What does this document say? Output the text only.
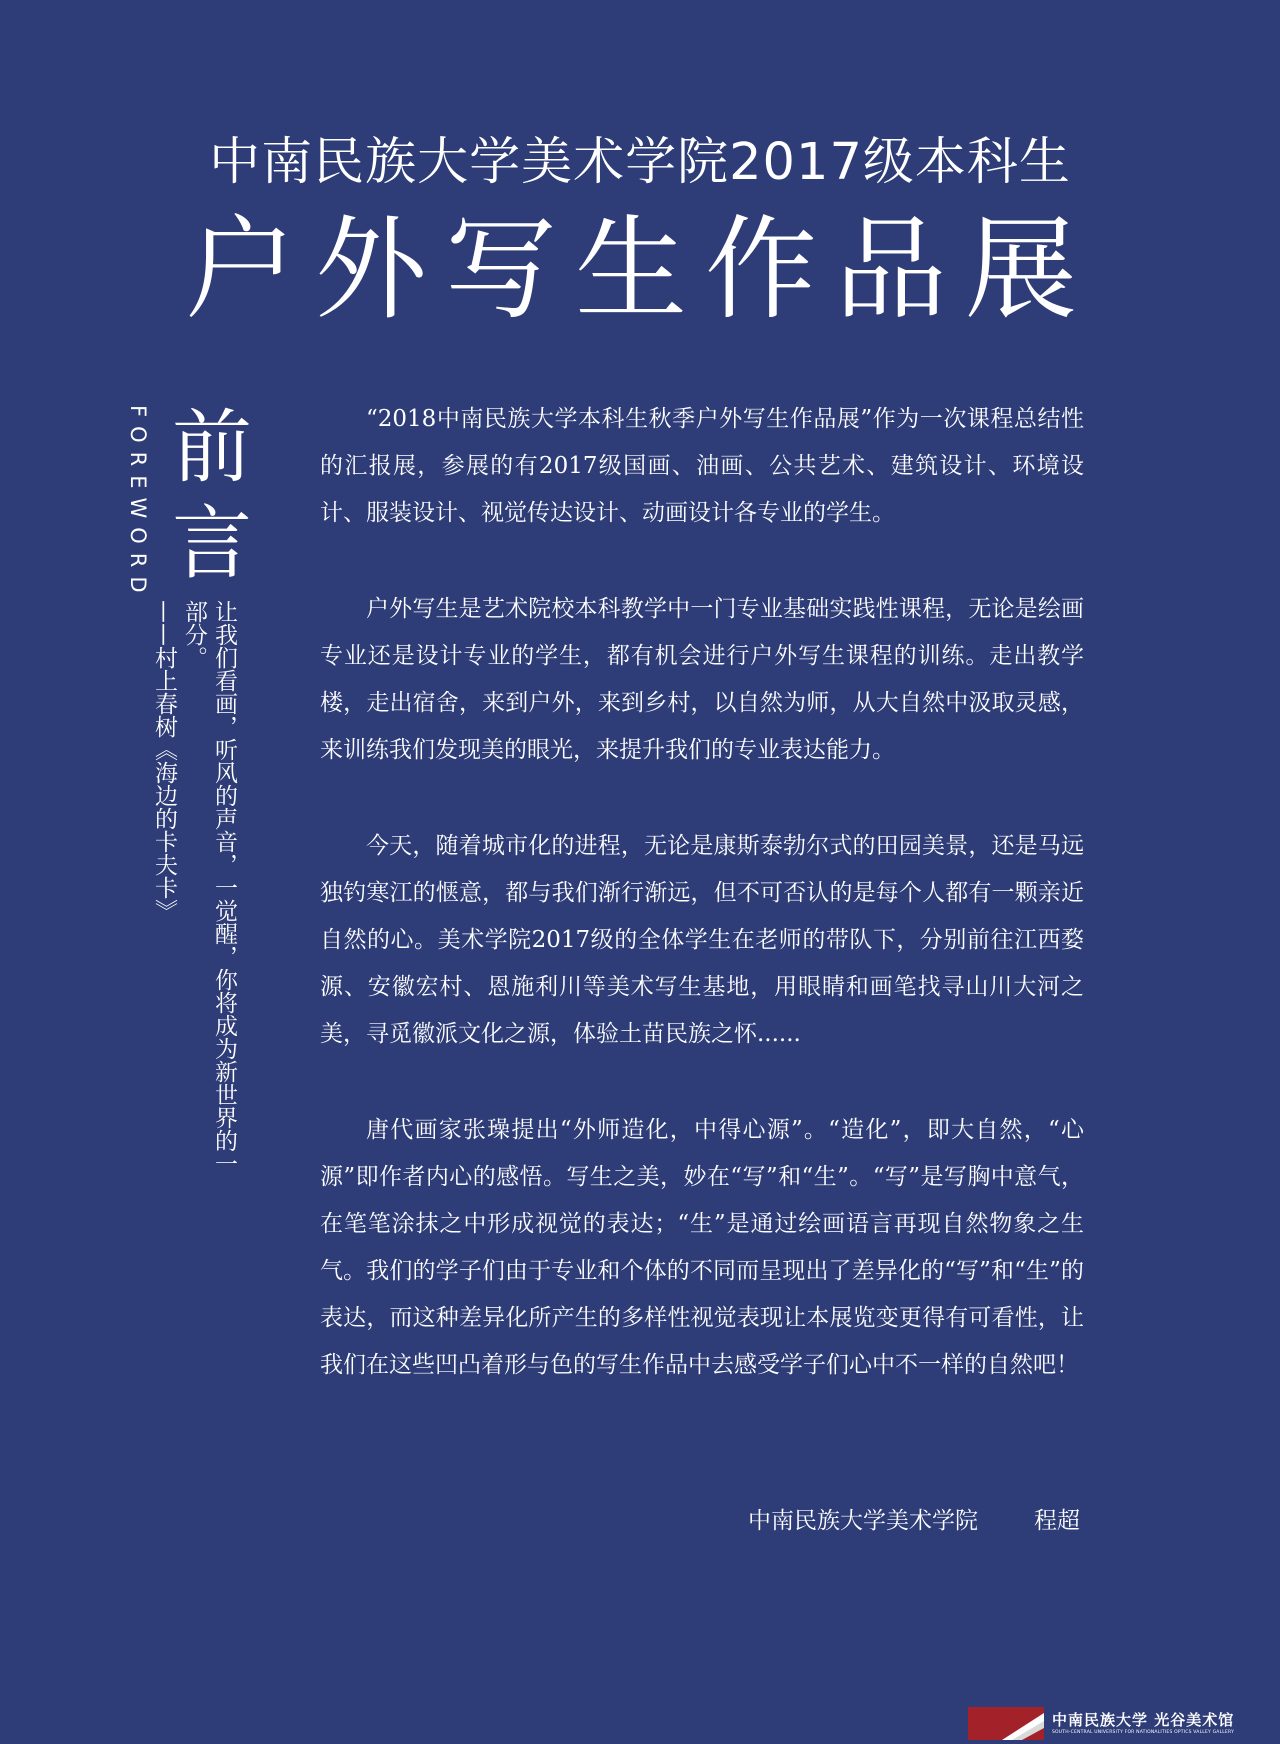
中南民族大学美术学院2017级本科生
户外写生作品展
FOREWORD 前
言
让我们看画，听风的声音，一觉醒，你将成为新世界的一部分。
——村上春树《海边的卡夫卡》

“2018中南民族大学本科生秋季户外写生作品展”作为一次课程总结性的汇报展，参展的有2017级国画、油画、公共艺术、建筑设计、环境设计、服装设计、视觉传达设计、动画设计各专业的学生。

户外写生是艺术院校本科教学中一门专业基础实践性课程，无论是绘画专业还是设计专业的学生，都有机会进行户外写生课程的训练。走出教学楼，走出宿舍，来到户外，来到乡村，以自然为师，从大自然中汲取灵感，来训练我们发现美的眼光，来提升我们的专业表达能力。

今天，随着城市化的进程，无论是康斯泰勃尔式的田园美景，还是马远独钓寒江的惬意，都与我们渐行渐远，但不可否认的是每个人都有一颗亲近自然的心。美术学院2017级的全体学生在老师的带队下，分别前往江西婺源、安徽宏村、恩施利川等美术写生基地，用眼睛和画笔找寻山川大河之美，寻觅徽派文化之源，体验土苗民族之怀......

唐代画家张璪提出“外师造化，中得心源”。“造化”，即大自然，“心源”即作者内心的感悟。写生之美，妙在“写”和“生”。“写”是写胸中意气，在笔笔涂抹之中形成视觉的表达；“生”是通过绘画语言再现自然物象之生气。我们的学子们由于专业和个体的不同而呈现出了差异化的“写”和“生”的表达，而这种差异化所产生的多样性视觉表现让本展览变更得有可看性，让我们在这些凹凸着形与色的写生作品中去感受学子们心中不一样的自然吧！

中南民族大学美术学院 程超
中南民族大学 光谷美术馆
SOUTH-CENTRAL UNIVERSITY FOR NATIONALITIES OPTICS VALLEY GALLERY
